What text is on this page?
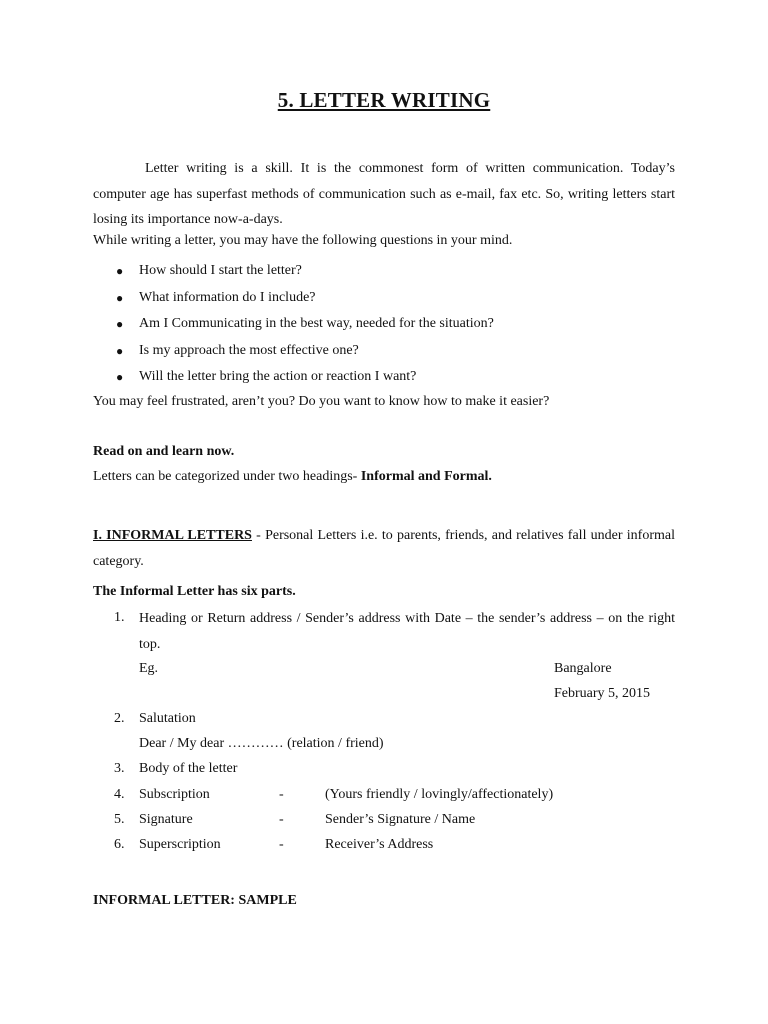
5. LETTER WRITING

Letter writing is a skill. It is the commonest form of written communication. Today’s computer age has superfast methods of communication such as e-mail, fax etc. So, writing letters start losing its importance now-a-days.

While writing a letter, you may have the following questions in your mind.

● How should I start the letter?
● What information do I include?
● Am I Communicating in the best way, needed for the situation?
● Is my approach the most effective one?
● Will the letter bring the action or reaction I want?

You may feel frustrated, aren’t you? Do you want to know how to make it easier?

Read on and learn now.

Letters can be categorized under two headings- Informal and Formal.

I. INFORMAL LETTERS - Personal Letters i.e. to parents, friends, and relatives fall under informal category.

The Informal Letter has six parts.

1.	Heading or Return address / Sender’s address with Date – the sender’s address – on the right top.

Eg.	Bangalore
February 5, 2015
2.	Salutation
Dear / My dear ………… (relation / friend)
3.	Body of the letter
4.	Subscription	-	(Yours friendly / lovingly/affectionately)
5.	Signature	-	Sender’s Signature / Name
6.	Superscription	-	Receiver’s Address

INFORMAL LETTER: SAMPLE
